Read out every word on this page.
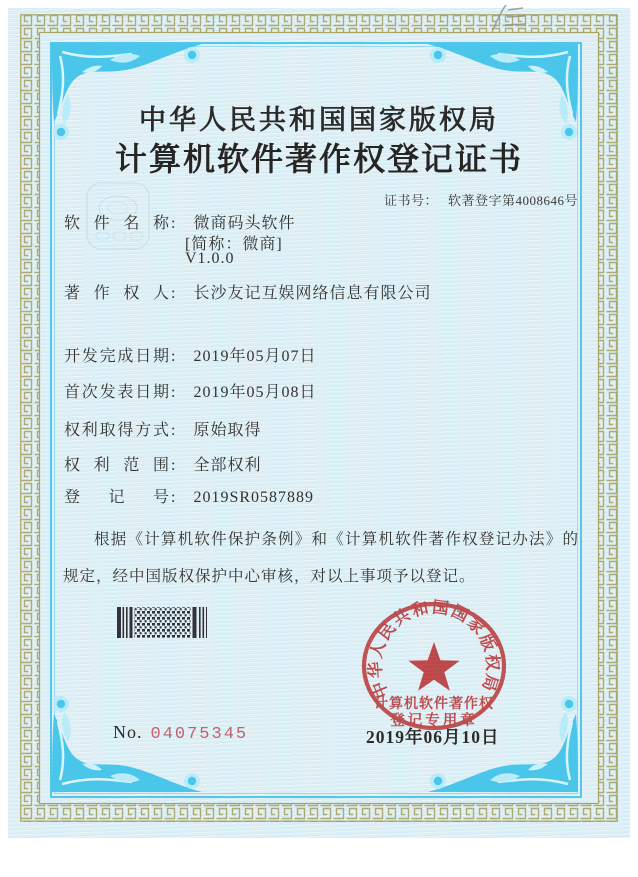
中华人民共和国国家版权局
计算机软件著作权登记证书
证书号： 软著登字第4008646号
软件名称: 微商码头软件
[简称：微商]
V1.0.0
著作权人: 长沙友记互娱网络信息有限公司
开发完成日期: 2019年05月07日
首次发表日期: 2019年05月08日
权利取得方式: 原始取得
权利范围: 全部权利
登记号: 2019SR0587889
根据《计算机软件保护条例》和《计算机软件著作权登记办法》的规定，经中国版权保护中心审核，对以上事项予以登记。
中华人民共和国国家版权局
计算机软件著作权
登记专用章
No. 04075345	2019年06月10日
